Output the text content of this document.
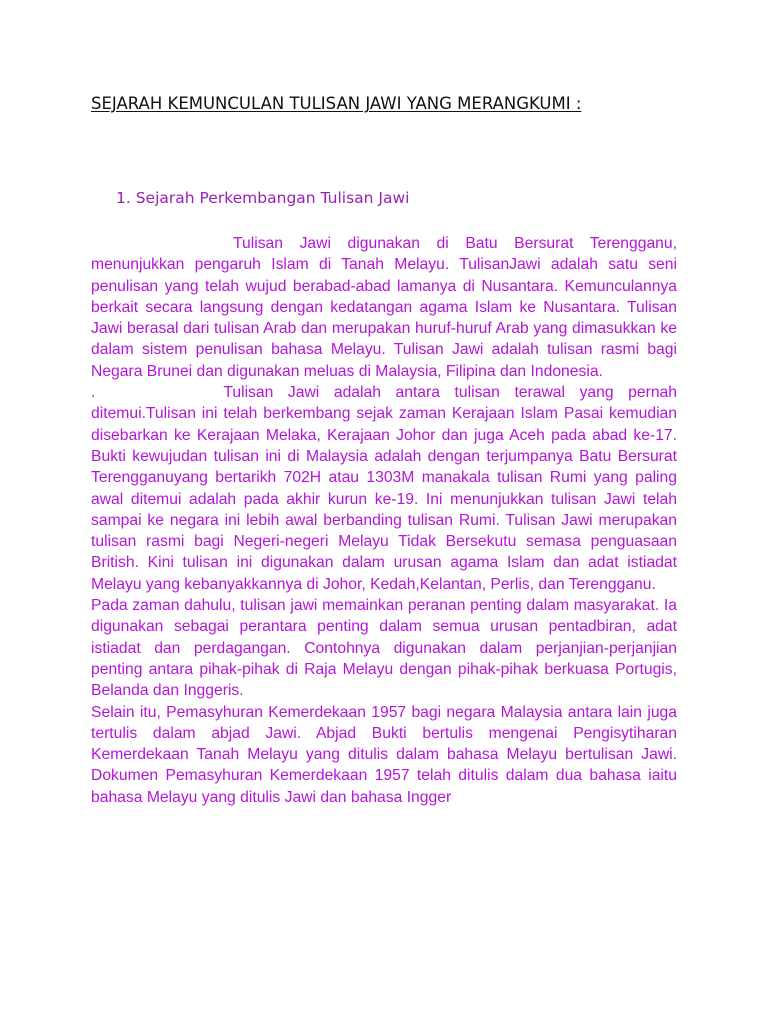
SEJARAH KEMUNCULAN TULISAN JAWI YANG MERANGKUMI :
1. Sejarah Perkembangan Tulisan Jawi

Tulisan Jawi digunakan di Batu Bersurat Terengganu, menunjukkan pengaruh Islam di Tanah Melayu. TulisanJawi adalah satu seni penulisan yang telah wujud berabad-abad lamanya di Nusantara. Kemunculannya berkait secara langsung dengan kedatangan agama Islam ke Nusantara. Tulisan Jawi berasal dari tulisan Arab dan merupakan huruf-huruf Arab yang dimasukkan ke dalam sistem penulisan bahasa Melayu. Tulisan Jawi adalah tulisan rasmi bagi Negara Brunei dan digunakan meluas di Malaysia, Filipina dan Indonesia.

.	Tulisan Jawi adalah antara tulisan terawal yang pernah ditemui.Tulisan ini telah berkembang sejak zaman Kerajaan Islam Pasai kemudian disebarkan ke Kerajaan Melaka, Kerajaan Johor dan juga Aceh pada abad ke-17. Bukti kewujudan tulisan ini di Malaysia adalah dengan terjumpanya Batu Bersurat Terengganuyang bertarikh 702H atau 1303M manakala tulisan Rumi yang paling awal ditemui adalah pada akhir kurun ke-19. Ini menunjukkan tulisan Jawi telah sampai ke negara ini lebih awal berbanding tulisan Rumi. Tulisan Jawi merupakan tulisan rasmi bagi Negeri-negeri Melayu Tidak Bersekutu semasa penguasaan British. Kini tulisan ini digunakan dalam urusan agama Islam dan adat istiadat Melayu yang kebanyakkannya di Johor, Kedah,Kelantan, Perlis, dan Terengganu.

Pada zaman dahulu, tulisan jawi memainkan peranan penting dalam masyarakat. Ia digunakan sebagai perantara penting dalam semua urusan pentadbiran, adat istiadat dan perdagangan. Contohnya digunakan dalam perjanjian-perjanjian penting antara pihak-pihak di Raja Melayu dengan pihak-pihak berkuasa Portugis, Belanda dan Inggeris.

Selain itu, Pemasyhuran Kemerdekaan 1957 bagi negara Malaysia antara lain juga tertulis dalam abjad Jawi. Abjad Bukti bertulis mengenai Pengisytiharan Kemerdekaan Tanah Melayu yang ditulis dalam bahasa Melayu bertulisan Jawi. Dokumen Pemasyhuran Kemerdekaan 1957 telah ditulis dalam dua bahasa iaitu bahasa Melayu yang ditulis Jawi dan bahasa Ingger
